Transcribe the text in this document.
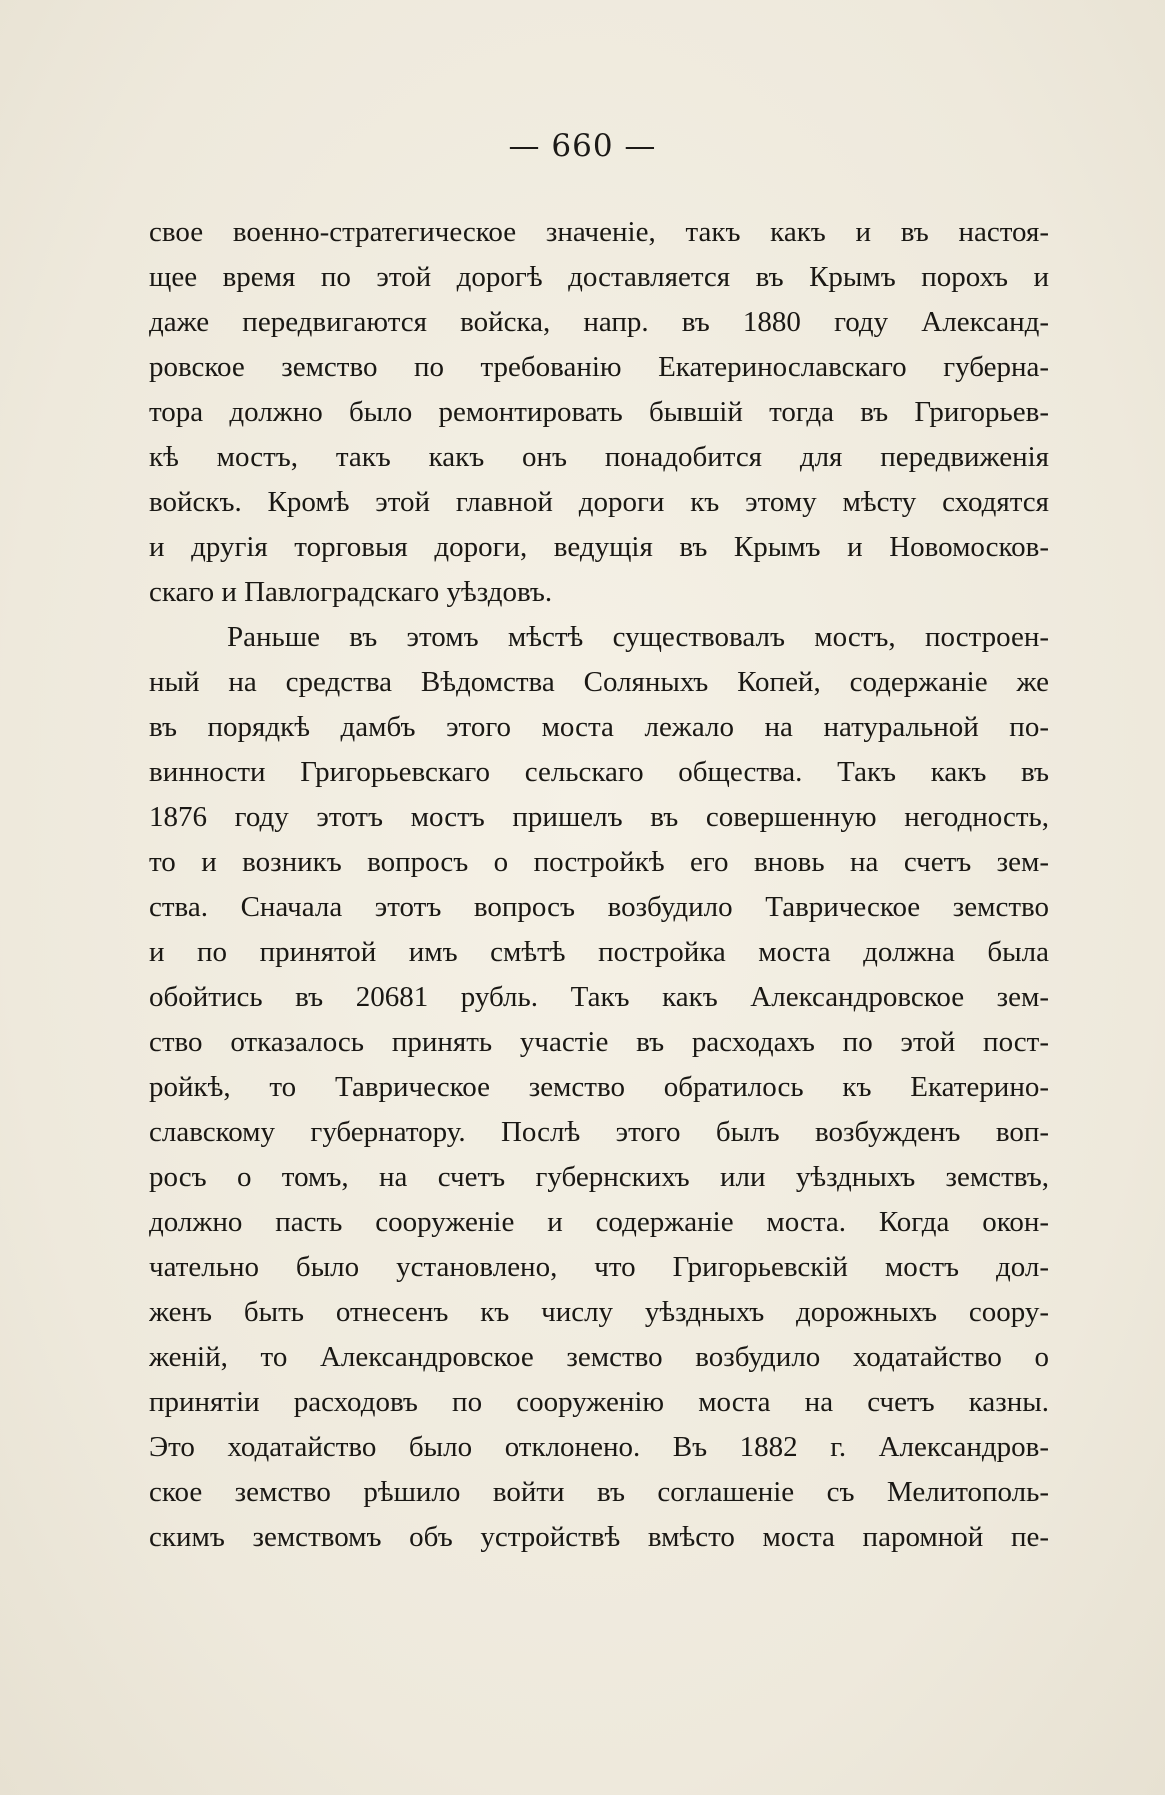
— 660 —
свое военно-стратегическое значеніе, такъ какъ и въ настоя-
щее время по этой дорогѣ доставляется въ Крымъ порохъ и
даже передвигаются войска, напр. въ 1880 году Александ-
ровское земство по требованію Екатеринославскаго губерна-
тора должно было ремонтировать бывшій тогда въ Григорьев-
кѣ мостъ, такъ какъ онъ понадобится для передвиженія
войскъ. Кромѣ этой главной дороги къ этому мѣсту сходятся
и другія торговыя дороги, ведущія въ Крымъ и Новомосков-
скаго и Павлоградскаго уѣздовъ.
Раньше въ этомъ мѣстѣ существовалъ мостъ, построен-
ный на средства Вѣдомства Соляныхъ Копей, содержаніе же
въ порядкѣ дамбъ этого моста лежало на натуральной по-
винности Григорьевскаго сельскаго общества. Такъ какъ въ
1876 году этотъ мостъ пришелъ въ совершенную негодность,
то и возникъ вопросъ о постройкѣ его вновь на счетъ зем-
ства. Сначала этотъ вопросъ возбудило Таврическое земство
и по принятой имъ смѣтѣ постройка моста должна была
обойтись въ 20681 рубль. Такъ какъ Александровское зем-
ство отказалось принять участіе въ расходахъ по этой пост-
ройкѣ, то Таврическое земство обратилось къ Екатерино-
славскому губернатору. Послѣ этого былъ возбужденъ воп-
росъ о томъ, на счетъ губернскихъ или уѣздныхъ земствъ,
должно пасть сооруженіе и содержаніе моста. Когда окон-
чательно было установлено, что Григорьевскій мостъ дол-
женъ быть отнесенъ къ числу уѣздныхъ дорожныхъ соору-
женій, то Александровское земство возбудило ходатайство о
принятіи расходовъ по сооруженію моста на счетъ казны.
Это ходатайство было отклонено. Въ 1882 г. Александров-
ское земство рѣшило войти въ соглашеніе съ Мелитополь-
скимъ земствомъ объ устройствѣ вмѣсто моста паромной пе-
